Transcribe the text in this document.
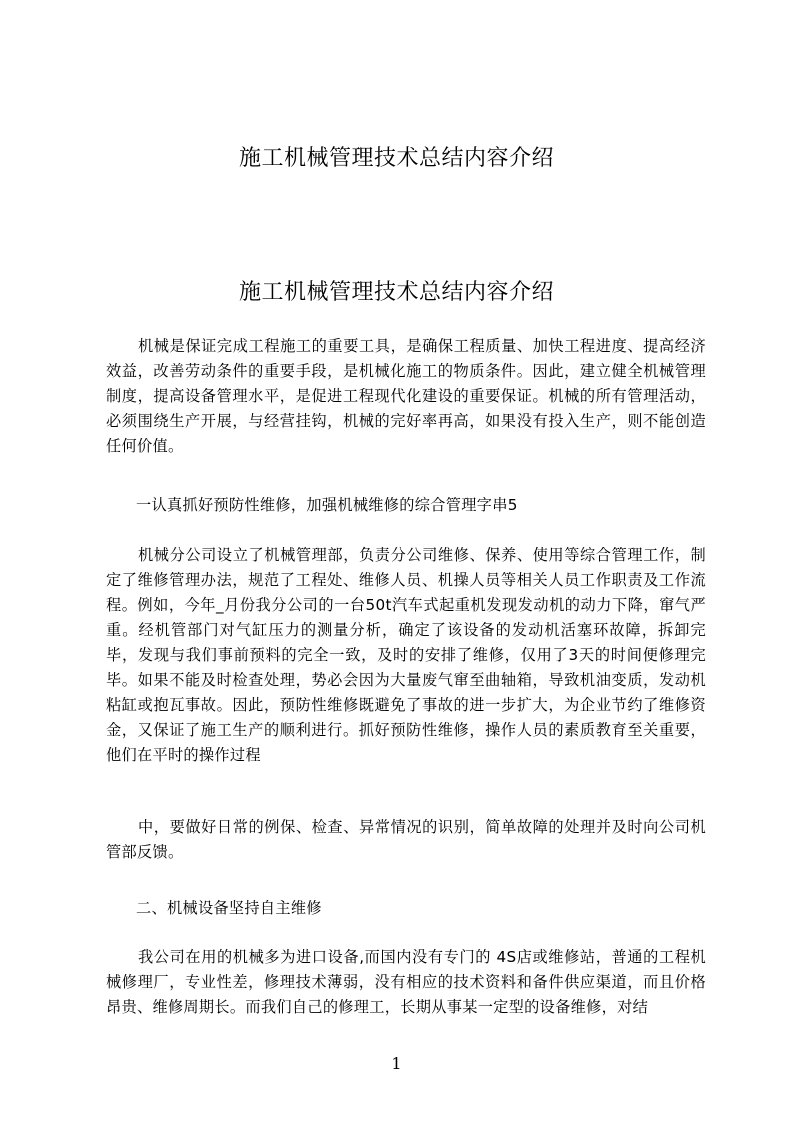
施工机械管理技术总结内容介绍
施工机械管理技术总结内容介绍

机械是保证完成工程施工的重要工具，是确保工程质量、加快工程进度、提高经济效益，改善劳动条件的重要手段，是机械化施工的物质条件。因此，建立健全机械管理制度，提高设备管理水平，是促进工程现代化建设的重要保证。机械的所有管理活动，必须围绕生产开展，与经营挂钩，机械的完好率再高，如果没有投入生产，则不能创造任何价值。

一认真抓好预防性维修，加强机械维修的综合管理字串5

机械分公司设立了机械管理部，负责分公司维修、保养、使用等综合管理工作，制定了维修管理办法，规范了工程处、维修人员、机操人员等相关人员工作职责及工作流程。例如，今年_月份我分公司的一台50t汽车式起重机发现发动机的动力下降，窜气严重。经机管部门对气缸压力的测量分析，确定了该设备的发动机活塞环故障，拆卸完毕，发现与我们事前预料的完全一致，及时的安排了维修，仅用了3天的时间便修理完毕。如果不能及时检查处理，势必会因为大量废气窜至曲轴箱，导致机油变质，发动机粘缸或抱瓦事故。因此，预防性维修既避免了事故的进一步扩大，为企业节约了维修资金，又保证了施工生产的顺利进行。抓好预防性维修，操作人员的素质教育至关重要，他们在平时的操作过程

中，要做好日常的例保、检查、异常情况的识别，简单故障的处理并及时向公司机管部反馈。

二、机械设备坚持自主维修

我公司在用的机械多为进口设备,而国内没有专门的 4S店或维修站，普通的工程机械修理厂，专业性差，修理技术薄弱，没有相应的技术资料和备件供应渠道，而且价格昂贵、维修周期长。而我们自己的修理工，长期从事某一定型的设备维修，对结

1
